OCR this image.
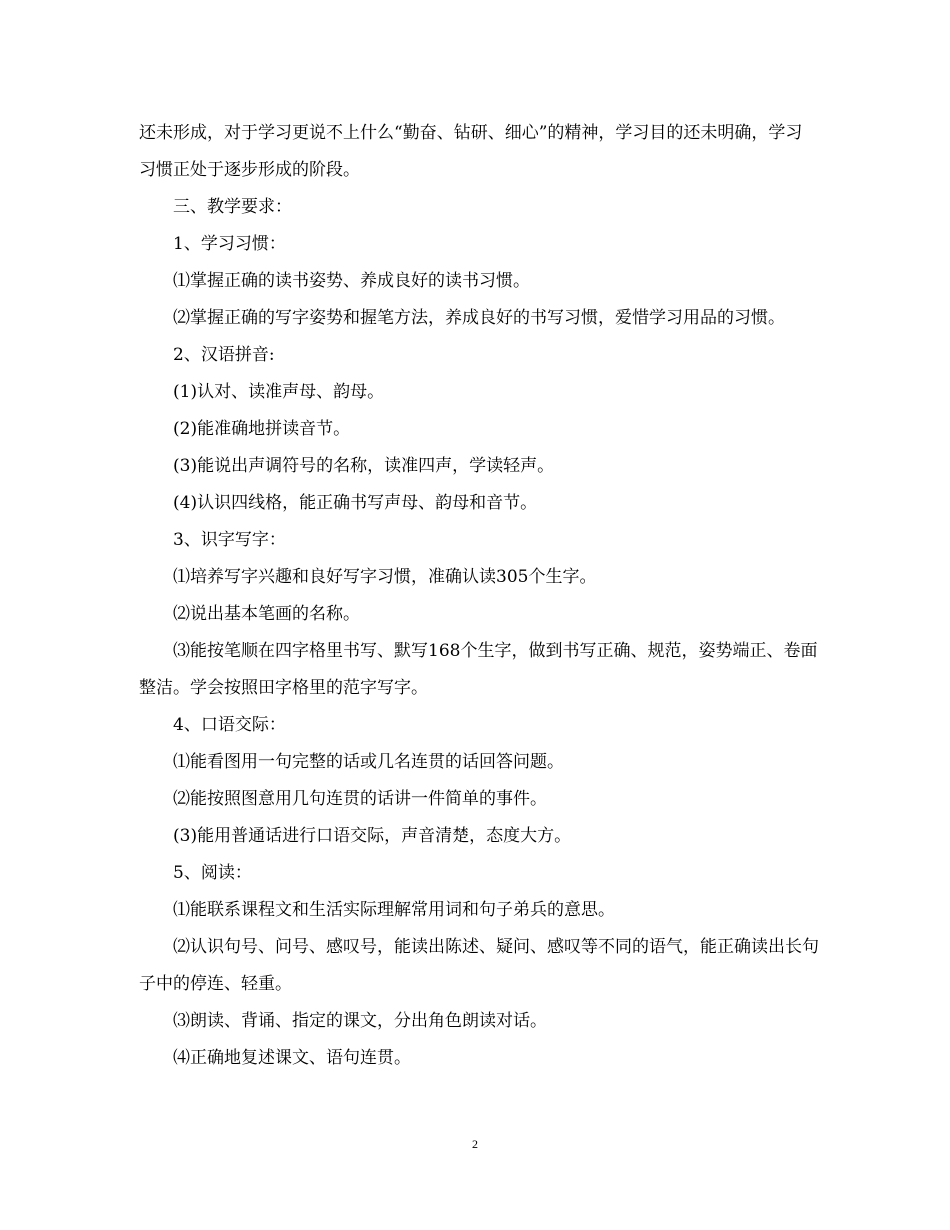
还未形成，对于学习更说不上什么“勤奋、钻研、细心”的精神，学习目的还未明确，学习习惯正处于逐步形成的阶段。

三、教学要求：

1、学习习惯：

⑴掌握正确的读书姿势、养成良好的读书习惯。

⑵掌握正确的写字姿势和握笔方法，养成良好的书写习惯，爱惜学习用品的习惯。

2、汉语拼音:

(1)认对、读准声母、韵母。

(2)能准确地拼读音节。

(3)能说出声调符号的名称，读准四声，学读轻声。

(4)认识四线格，能正确书写声母、韵母和音节。

3、识字写字：

⑴培养写字兴趣和良好写字习惯，准确认读305个生字。

⑵说出基本笔画的名称。

⑶能按笔顺在四字格里书写、默写168个生字，做到书写正确、规范，姿势端正、卷面整洁。学会按照田字格里的范字写字。

4、口语交际：

⑴能看图用一句完整的话或几名连贯的话回答问题。

⑵能按照图意用几句连贯的话讲一件简单的事件。

(3)能用普通话进行口语交际，声音清楚，态度大方。

5、阅读：

⑴能联系课程文和生活实际理解常用词和句子弟兵的意思。

⑵认识句号、问号、感叹号，能读出陈述、疑问、感叹等不同的语气，能正确读出长句子中的停连、轻重。

⑶朗读、背诵、指定的课文，分出角色朗读对话。

⑷正确地复述课文、语句连贯。

2
